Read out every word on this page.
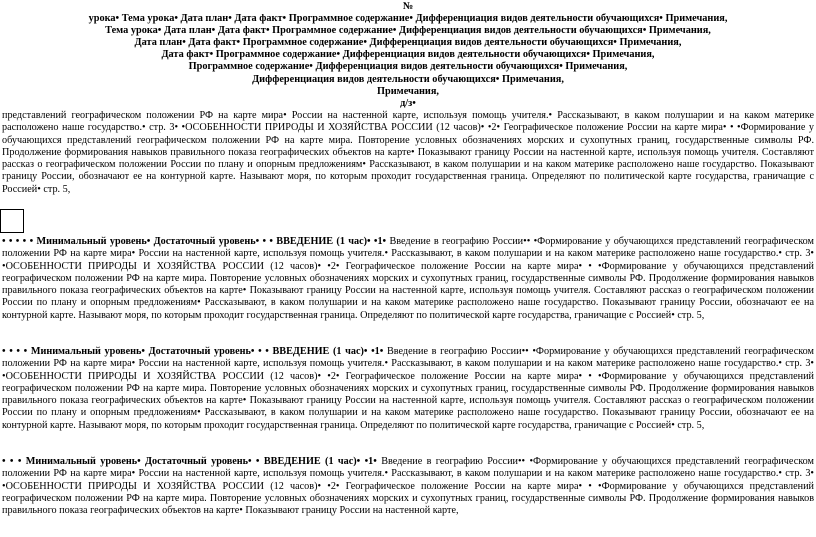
№
урока• Тема урока• Дата план• Дата факт• Программное содержание• Дифференциация видов деятельности обучающихся• Примечания,
Тема урока• Дата план• Дата факт• Программное содержание• Дифференциация видов деятельности обучающихся• Примечания,
Дата план• Дата факт• Программное содержание• Дифференциация видов деятельности обучающихся• Примечания,
Дата факт• Программное содержание• Дифференциация видов деятельности обучающихся• Примечания,
Программное содержание• Дифференциация видов деятельности обучающихся• Примечания,
Дифференциация видов деятельности обучающихся• Примечания,
Примечания,
д/з•

представлений географическом положении РФ на карте мира• России на настенной карте, используя помощь учителя.• Рассказывают, в каком полушарии и на каком материке расположено наше государство.• стр. 3• •ОСОБЕННОСТИ ПРИРОДЫ И ХОЗЯЙСТВА РОССИИ (12 часов)• •2• Географическое положение России на карте мира• • •Формирование у обучающихся представлений географическом положении РФ на карте мира. Повторение условных обозначениях морских и сухопутных границ, государственные символы РФ. Продолжение формирования навыков правильного показа географических объектов на карте• Показывают границу России на настенной карте, используя помощь учителя. Составляют рассказ о географическом положении России по плану и опорным предложениям• Рассказывают, в каком полушарии и на каком материке расположено наше государство. Показывают границу России, обозначают ее на контурной карте. Называют моря, по которым проходит государственная граница. Определяют по политической карте государства, граничащие с Россией• стр. 5,

• • • • • Минимальный уровень• Достаточный уровень• • • ВВЕДЕНИЕ (1 час)• •1• Введение в географию России•• •Формирование у обучающихся представлений географическом положении РФ на карте мира• России на настенной карте, используя помощь учителя.• Рассказывают, в каком полушарии и на каком материке расположено наше государство.• стр. 3• •ОСОБЕННОСТИ ПРИРОДЫ И ХОЗЯЙСТВА РОССИИ (12 часов)• •2• Географическое положение России на карте мира• • •Формирование у обучающихся представлений географическом положении РФ на карте мира. Повторение условных обозначениях морских и сухопутных границ, государственные символы РФ. Продолжение формирования навыков правильного показа географических объектов на карте• Показывают границу России на настенной карте, используя помощь учителя. Составляют рассказ о географическом положении России по плану и опорным предложениям• Рассказывают, в каком полушарии и на каком материке расположено наше государство. Показывают границу России, обозначают ее на контурной карте. Называют моря, по которым проходит государственная граница. Определяют по политической карте государства, граничащие с Россией• стр. 5,

• • • • Минимальный уровень• Достаточный уровень• • • ВВЕДЕНИЕ (1 час)• •1• Введение в географию России•• •Формирование у обучающихся представлений географическом положении РФ на карте мира• России на настенной карте, используя помощь учителя.• Рассказывают, в каком полушарии и на каком материке расположено наше государство.• стр. 3• •ОСОБЕННОСТИ ПРИРОДЫ И ХОЗЯЙСТВА РОССИИ (12 часов)• •2• Географическое положение России на карте мира• • •Формирование у обучающихся представлений географическом положении РФ на карте мира. Повторение условных обозначениях морских и сухопутных границ, государственные символы РФ. Продолжение формирования навыков правильного показа географических объектов на карте• Показывают границу России на настенной карте, используя помощь учителя. Составляют рассказ о географическом положении России по плану и опорным предложениям• Рассказывают, в каком полушарии и на каком материке расположено наше государство. Показывают границу России, обозначают ее на контурной карте. Называют моря, по которым проходит государственная граница. Определяют по политической карте государства, граничащие с Россией• стр. 5,

• • • Минимальный уровень• Достаточный уровень• • ВВЕДЕНИЕ (1 час)• •1• Введение в географию России•• •Формирование у обучающихся представлений географическом положении РФ на карте мира• России на настенной карте, используя помощь учителя.• Рассказывают, в каком полушарии и на каком материке расположено наше государство.• стр. 3• •ОСОБЕННОСТИ ПРИРОДЫ И ХОЗЯЙСТВА РОССИИ (12 часов)• •2• Географическое положение России на карте мира• • •Формирование у обучающихся представлений географическом положении РФ на карте мира. Повторение условных обозначениях морских и сухопутных границ, государственные символы РФ. Продолжение формирования навыков правильного показа географических объектов на карте• Показывают границу России на настенной карте,
